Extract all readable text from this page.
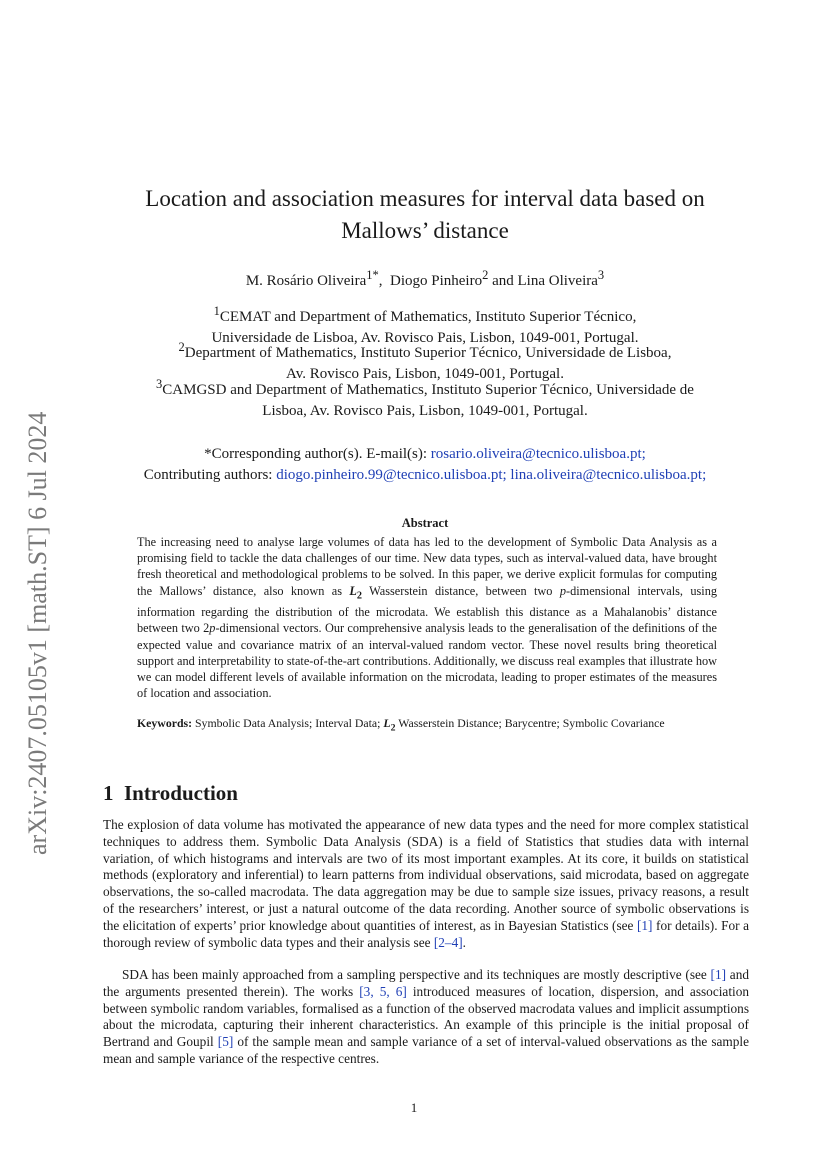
arXiv:2407.05105v1 [math.ST] 6 Jul 2024
Location and association measures for interval data based on
Mallows’ distance
M. Rosário Oliveira$^{1*}$,  Diogo Pinheiro$^2$ and Lina Oliveira$^3$
$^1$CEMAT and Department of Mathematics, Instituto Superior Técnico,
Universidade de Lisboa, Av. Rovisco Pais, Lisbon, 1049-001, Portugal.
$^2$Department of Mathematics, Instituto Superior Técnico, Universidade de Lisboa,
Av. Rovisco Pais, Lisbon, 1049-001, Portugal.
$^3$CAMGSD and Department of Mathematics, Instituto Superior Técnico, Universidade de
Lisboa, Av. Rovisco Pais, Lisbon, 1049-001, Portugal.
*Corresponding author(s). E-mail(s): rosario.oliveira@tecnico.ulisboa.pt;
Contributing authors: diogo.pinheiro.99@tecnico.ulisboa.pt; lina.oliveira@tecnico.ulisboa.pt;
Abstract
The increasing need to analyse large volumes of data has led to the development of Symbolic Data Analysis as a promising field to tackle the data challenges of our time. New data types, such as interval-valued data, have brought fresh theoretical and methodological problems to be solved. In this paper, we derive explicit formulas for computing the Mallows’ distance, also known as $L_2$ Wasserstein distance, between two p-dimensional intervals, using information regarding the distribution of the microdata. We establish this distance as a Mahalanobis’ distance between two 2p-dimensional vectors. Our comprehensive analysis leads to the generalisation of the definitions of the expected value and covariance matrix of an interval-valued random vector. These novel results bring theoretical support and interpretability to state-of-the-art contributions. Additionally, we discuss real examples that illustrate how we can model different levels of available information on the microdata, leading to proper estimates of the measures of location and association.
Keywords: Symbolic Data Analysis; Interval Data; $L_2$ Wasserstein Distance; Barycentre; Symbolic Covariance
1 Introduction
The explosion of data volume has motivated the appearance of new data types and the need for more complex statistical techniques to address them. Symbolic Data Analysis (SDA) is a field of Statistics that studies data with internal variation, of which histograms and intervals are two of its most important examples. At its core, it builds on statistical methods (exploratory and inferential) to learn patterns from individual observations, said microdata, based on aggregate observations, the so-called macrodata. The data aggregation may be due to sample size issues, privacy reasons, a result of the researchers’ interest, or just a natural outcome of the data recording. Another source of symbolic observations is the elicitation of experts’ prior knowledge about quantities of interest, as in Bayesian Statistics (see [1] for details). For a thorough review of symbolic data types and their analysis see [2–4].
SDA has been mainly approached from a sampling perspective and its techniques are mostly descriptive (see [1] and the arguments presented therein). The works [3, 5, 6] introduced measures of location, dispersion, and association between symbolic random variables, formalised as a function of the observed macrodata values and implicit assumptions about the microdata, capturing their inherent characteristics. An example of this principle is the initial proposal of Bertrand and Goupil [5] of the sample mean and sample variance of a set of interval-valued observations as the sample mean and sample variance of the respective centres.
1
